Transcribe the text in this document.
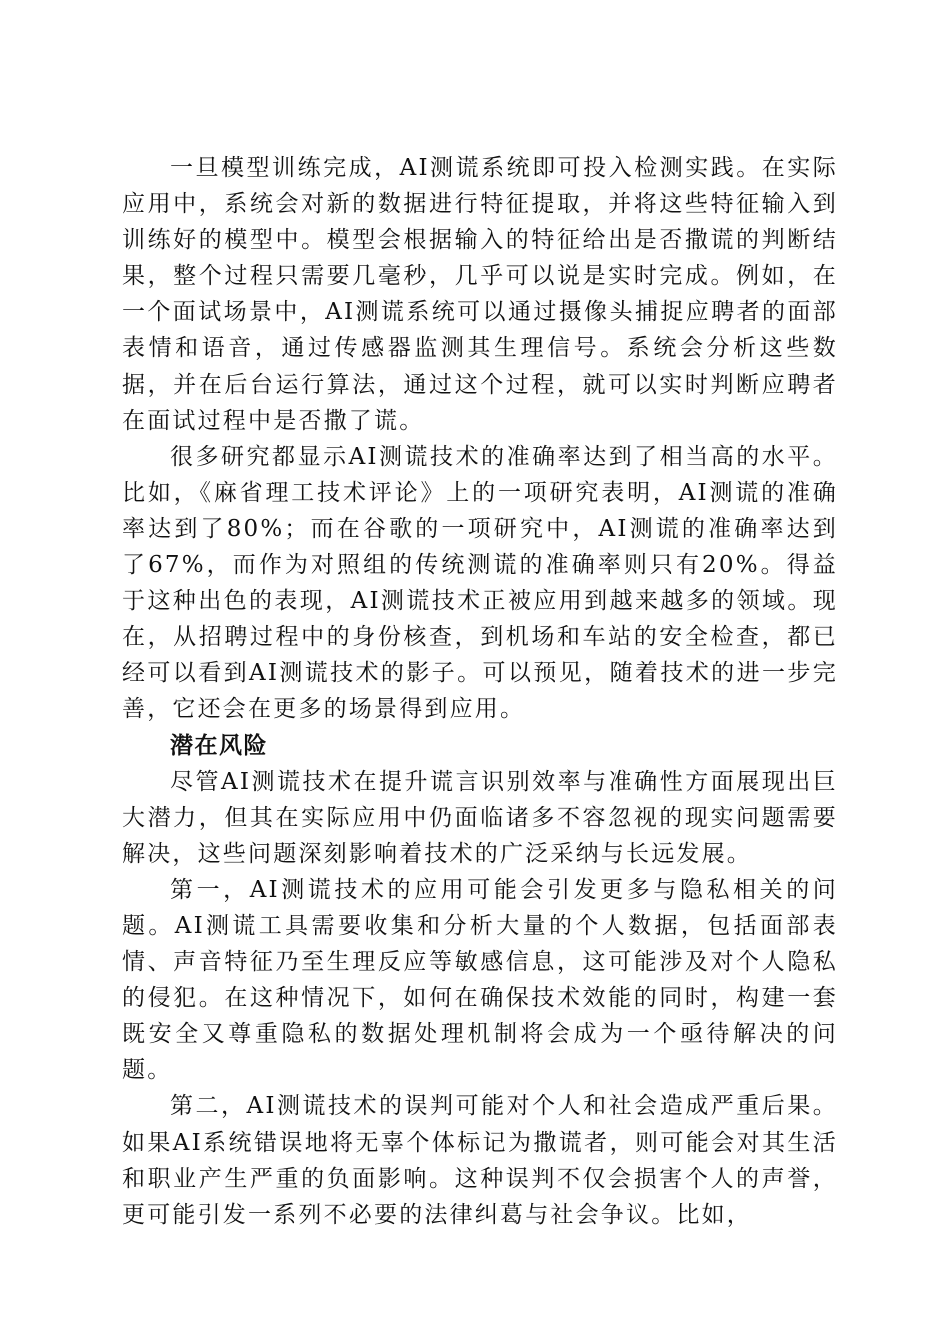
一旦模型训练完成，AI测谎系统即可投入检测实践。在实际应用中，系统会对新的数据进行特征提取，并将这些特征输入到训练好的模型中。模型会根据输入的特征给出是否撒谎的判断结果，整个过程只需要几毫秒，几乎可以说是实时完成。例如，在一个面试场景中，AI测谎系统可以通过摄像头捕捉应聘者的面部表情和语音，通过传感器监测其生理信号。系统会分析这些数据，并在后台运行算法，通过这个过程，就可以实时判断应聘者在面试过程中是否撒了谎。

很多研究都显示AI测谎技术的准确率达到了相当高的水平。比如，《麻省理工技术评论》上的一项研究表明，AI测谎的准确率达到了80%；而在谷歌的一项研究中，AI测谎的准确率达到了67%，而作为对照组的传统测谎的准确率则只有20%。得益于这种出色的表现，AI测谎技术正被应用到越来越多的领域。现在，从招聘过程中的身份核查，到机场和车站的安全检查，都已经可以看到AI测谎技术的影子。可以预见，随着技术的进一步完善，它还会在更多的场景得到应用。

潜在风险

尽管AI测谎技术在提升谎言识别效率与准确性方面展现出巨大潜力，但其在实际应用中仍面临诸多不容忽视的现实问题需要解决，这些问题深刻影响着技术的广泛采纳与长远发展。

第一，AI测谎技术的应用可能会引发更多与隐私相关的问题。AI测谎工具需要收集和分析大量的个人数据，包括面部表情、声音特征乃至生理反应等敏感信息，这可能涉及对个人隐私的侵犯。在这种情况下，如何在确保技术效能的同时，构建一套既安全又尊重隐私的数据处理机制将会成为一个亟待解决的问题。

第二，AI测谎技术的误判可能对个人和社会造成严重后果。如果AI系统错误地将无辜个体标记为撒谎者，则可能会对其生活和职业产生严重的负面影响。这种误判不仅会损害个人的声誉，更可能引发一系列不必要的法律纠葛与社会争议。比如，
